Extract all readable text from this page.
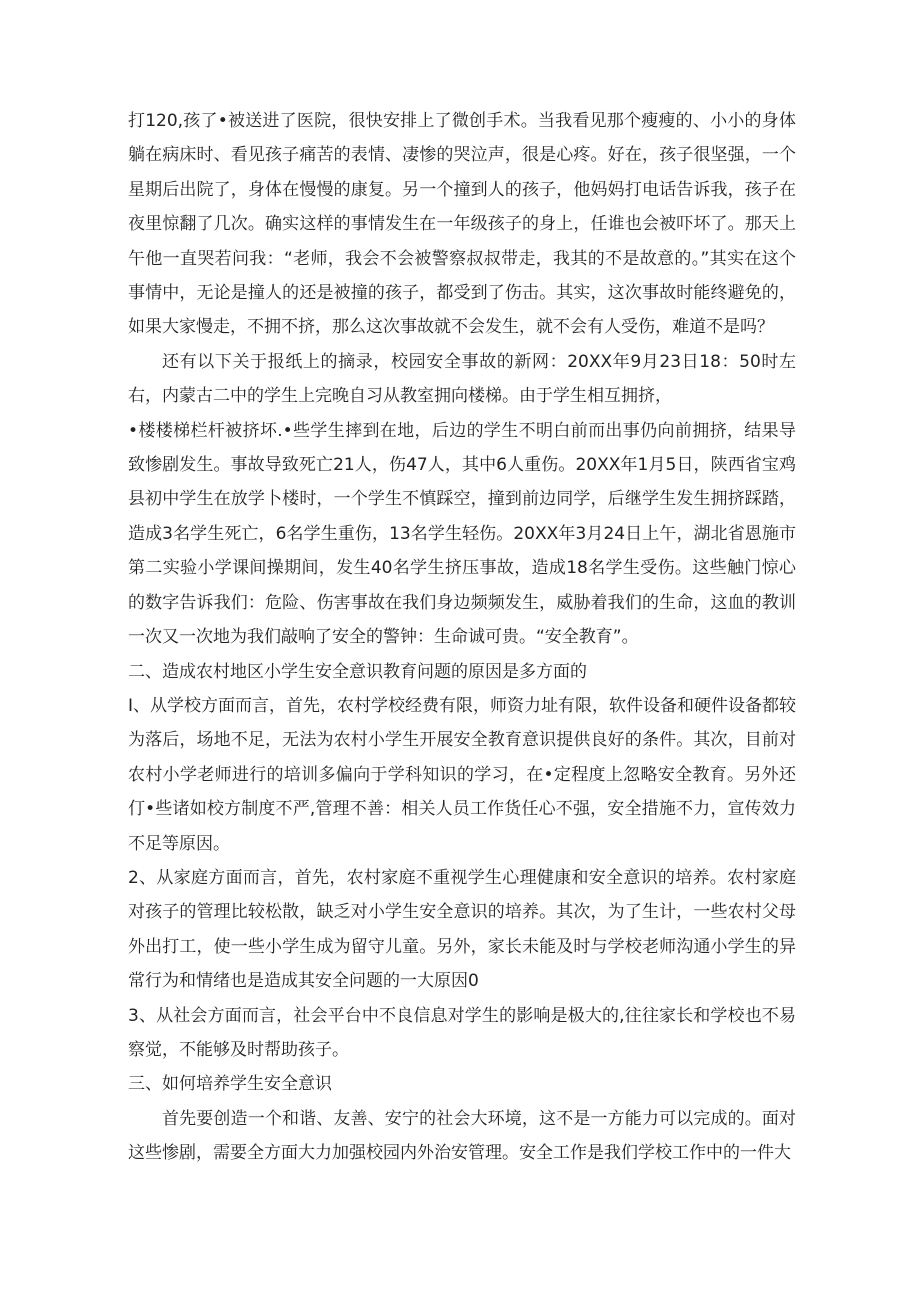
打120,孩了•被送进了医院，很快安排上了微创手术。当我看见那个瘦瘦的、小小的身体躺在病床时、看见孩子痛苦的表情、凄惨的哭泣声，很是心疼。好在，孩子很坚强，一个星期后出院了，身体在慢慢的康复。另一个撞到人的孩子，他妈妈打电话告诉我，孩子在夜里惊翻了几次。确实这样的事情发生在一年级孩子的身上，任谁也会被吓坏了。那天上午他一直哭若问我：“老师，我会不会被警察叔叔带走，我其的不是故意的。”其实在这个事情中，无论是撞人的还是被撞的孩子，都受到了伤击。其实，这次事故时能终避免的，如果大家慢走，不拥不挤，那么这次事故就不会发生，就不会有人受伤，难道不是吗？

还有以下关于报纸上的摘录，校园安全事故的新网：20XX年9月23日18：50时左右，内蒙古二中的学生上完晚自习从教室拥向楼梯。由于学生相互拥挤，

•楼楼梯栏杆被挤坏.•些学生摔到在地，后边的学生不明白前而出事仍向前拥挤，结果导致惨剧发生。事故导致死亡21人，伤47人，其中6人重伤。20XX年1月5日，陕西省宝鸡县初中学生在放学卜楼时，一个学生不慎踩空，撞到前边同学，后继学生发生拥挤踩踏，造成3名学生死亡，6名学生重伤，13名学生轻伤。20XX年3月24日上午，湖北省恩施市第二实验小学课间操期间，发生40名学生挤压事故，造成18名学生受伤。这些触门惊心的数字告诉我们：危险、伤害事故在我们身边频频发生，威胁着我们的生命，这血的教训一次又一次地为我们敲响了安全的警钟：生命诚可贵。“安全教育”。

二、造成农村地区小学生安全意识教育问题的原因是多方面的

I、从学校方面而言，首先，农村学校经费有限，师资力址有限，软件设备和硬件设备都较为落后，场地不足，无法为农村小学生开展安全教育意识提供良好的条件。其次，目前对农村小学老师进行的培训多偏向于学科知识的学习，在•定程度上忽略安全教育。另外还仃•些诸如校方制度不严,管理不善：相关人员工作货任心不强，安全措施不力，宣传效力不足等原因。

2、从家庭方面而言，首先，农村家庭不重视学生心理健康和安全意识的培养。农村家庭对孩子的管理比较松散，缺乏对小学生安全意识的培养。其次，为了生计，一些农村父母外出打工，使一些小学生成为留守儿童。另外，家长未能及时与学校老师沟通小学生的异常行为和情绪也是造成其安全问题的一大原因0

3、从社会方面而言，社会平台中不良信息对学生的影响是极大的,往往家长和学校也不易察觉，不能够及时帮助孩子。

三、如何培养学生安全意识

首先要创造一个和谐、友善、安宁的社会大环境，这不是一方能力可以完成的。面对这些惨剧，需要全方面大力加强校园内外治安管理。安全工作是我们学校工作中的一件大
